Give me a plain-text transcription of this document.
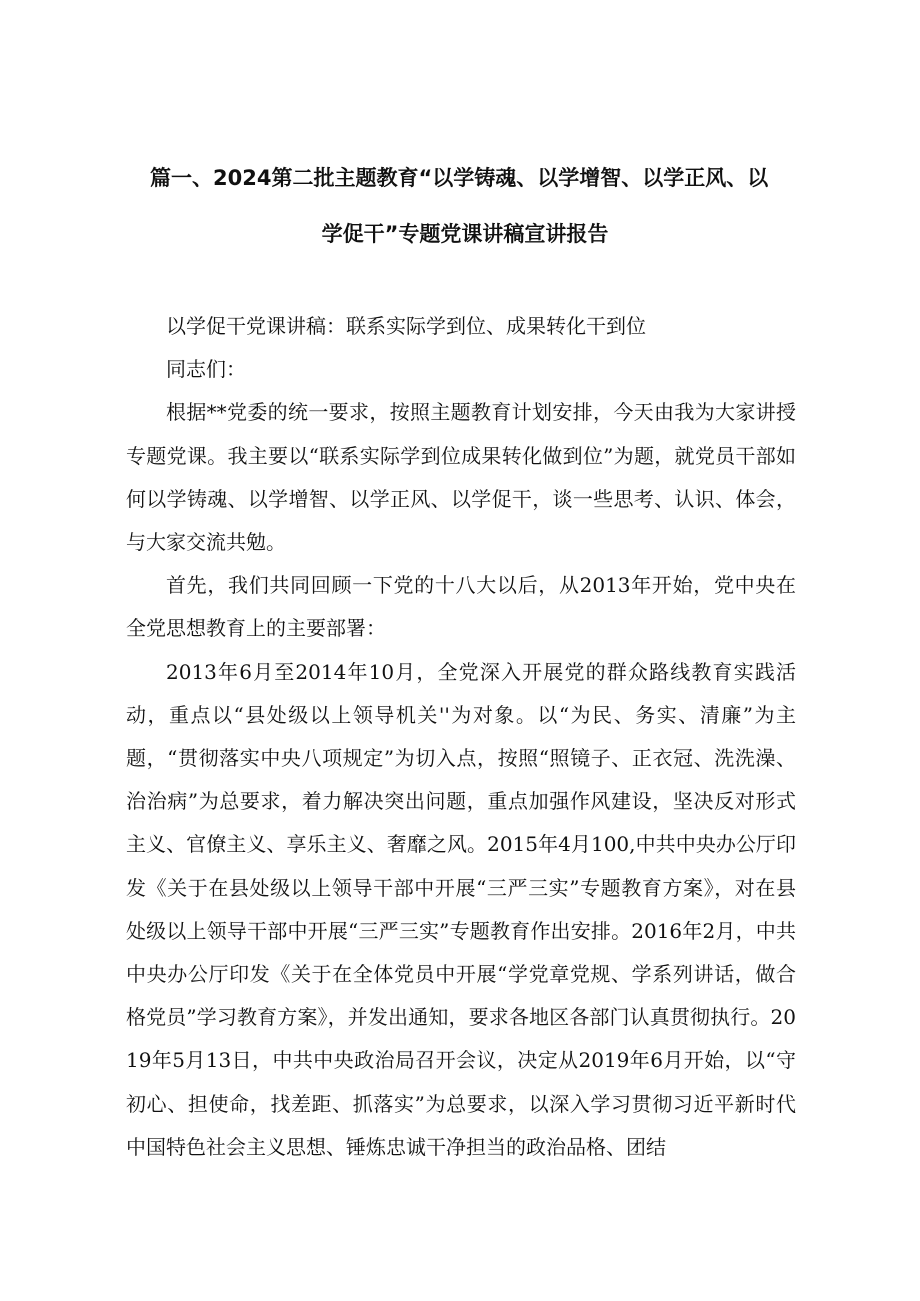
篇一、2024第二批主题教育“以学铸魂、以学增智、以学正风、以
学促干”专题党课讲稿宣讲报告

以学促干党课讲稿：联系实际学到位、成果转化干到位

同志们：

根据**党委的统一要求，按照主题教育计划安排，今天由我为大家讲授专题党课。我主要以“联系实际学到位成果转化做到位”为题，就党员干部如何以学铸魂、以学增智、以学正风、以学促干，谈一些思考、认识、体会，与大家交流共勉。

首先，我们共同回顾一下党的十八大以后，从2013年开始，党中央在全党思想教育上的主要部署：

2013年6月至2014年10月，全党深入开展党的群众路线教育实践活动，重点以“县处级以上领导机关''为对象。以“为民、务实、清廉”为主题，“贯彻落实中央八项规定”为切入点，按照“照镜子、正衣冠、洗洗澡、治治病”为总要求，着力解决突出问题，重点加强作风建设，坚决反对形式主义、官僚主义、享乐主义、奢靡之风。2015年4月100,中共中央办公厅印发《关于在县处级以上领导干部中开展“三严三实”专题教育方案》，对在县处级以上领导干部中开展“三严三实”专题教育作出安排。2016年2月，中共中央办公厅印发《关于在全体党员中开展“学党章党规、学系列讲话，做合格党员”学习教育方案》，并发出通知，要求各地区各部门认真贯彻执行。2019年5月13日，中共中央政治局召开会议，决定从2019年6月开始，以“守初心、担使命，找差距、抓落实”为总要求，以深入学习贯彻习近平新时代中国特色社会主义思想、锤炼忠诚干净担当的政治品格、团结
